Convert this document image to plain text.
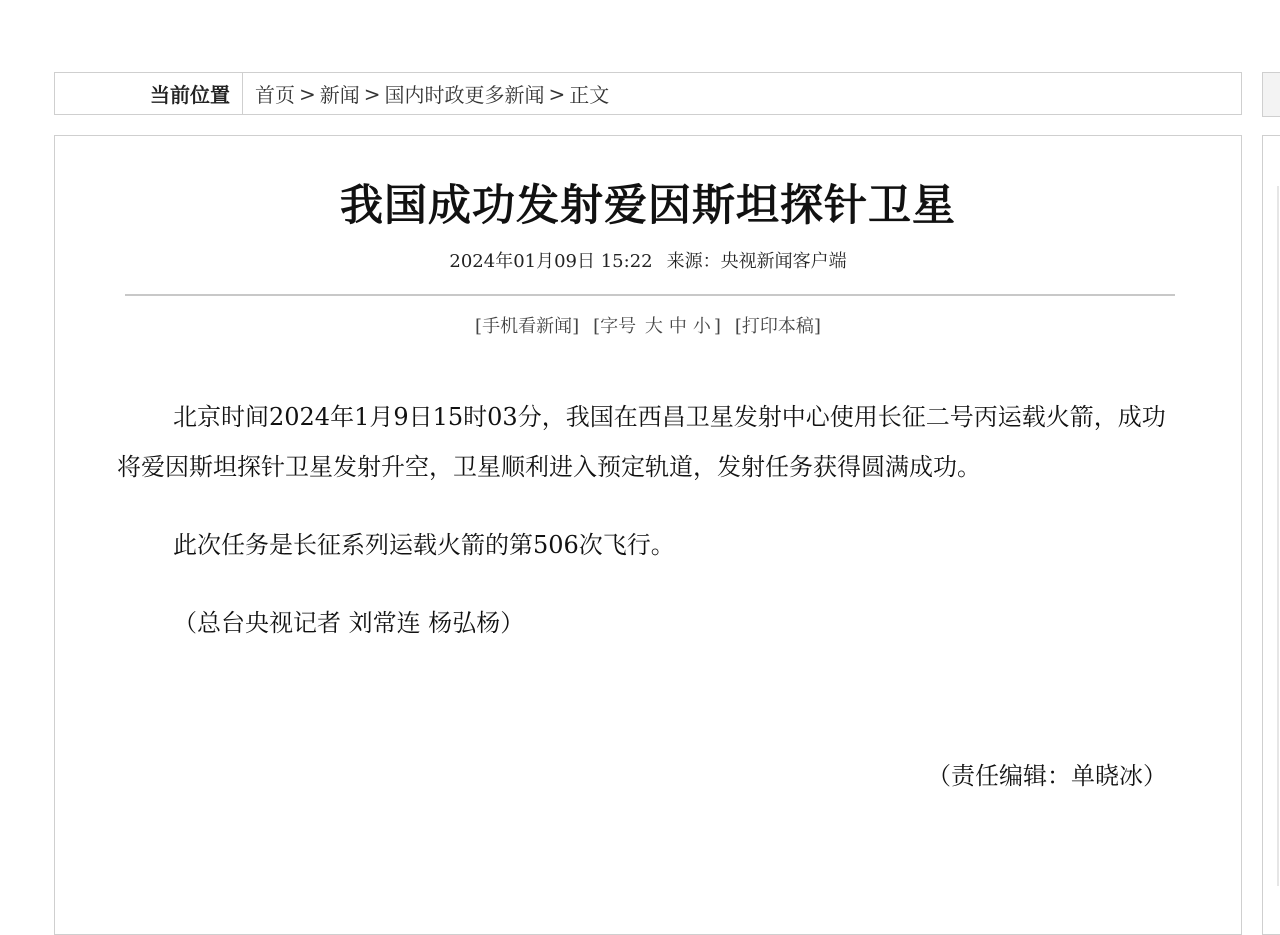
当前位置	首页 > 新闻 > 国内时政更多新闻 > 正文
我国成功发射爱因斯坦探针卫星
2024年01月09日 15:22 来源：央视新闻客户端
[手机看新闻] [字号 大 中 小 ] [打印本稿]

北京时间2024年1月9日15时03分，我国在西昌卫星发射中心使用长征二号丙运载火箭，成功将爱因斯坦探针卫星发射升空，卫星顺利进入预定轨道，发射任务获得圆满成功。

此次任务是长征系列运载火箭的第506次飞行。

（总台央视记者 刘常连 杨弘杨）

（责任编辑：单晓冰）
